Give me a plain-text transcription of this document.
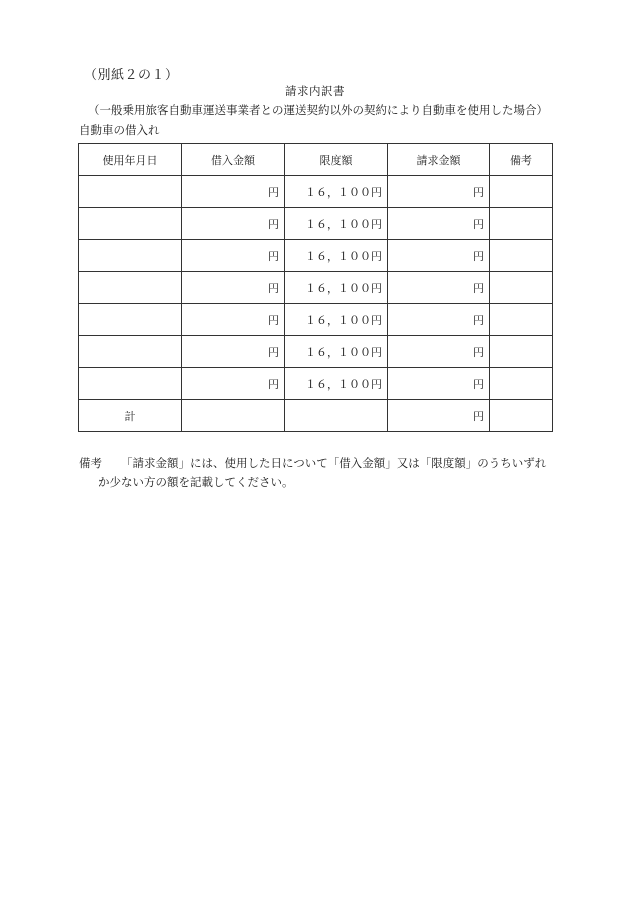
（別紙２の１）
請求内訳書
（一般乗用旅客自動車運送事業者との運送契約以外の契約により自動車を使用した場合）
自動車の借入れ
使用年月日	借入金額	限度額	請求金額	備考
	円	１６，１００円	円	
	円	１６，１００円	円	
	円	１６，１００円	円	
	円	１６，１００円	円	
	円	１６，１００円	円	
	円	１６，１００円	円	
	円	１６，１００円	円	
計			円	
備考 「請求金額」には、使用した日について「借入金額」又は「限度額」のうちいずれ
か少ない方の額を記載してください。
